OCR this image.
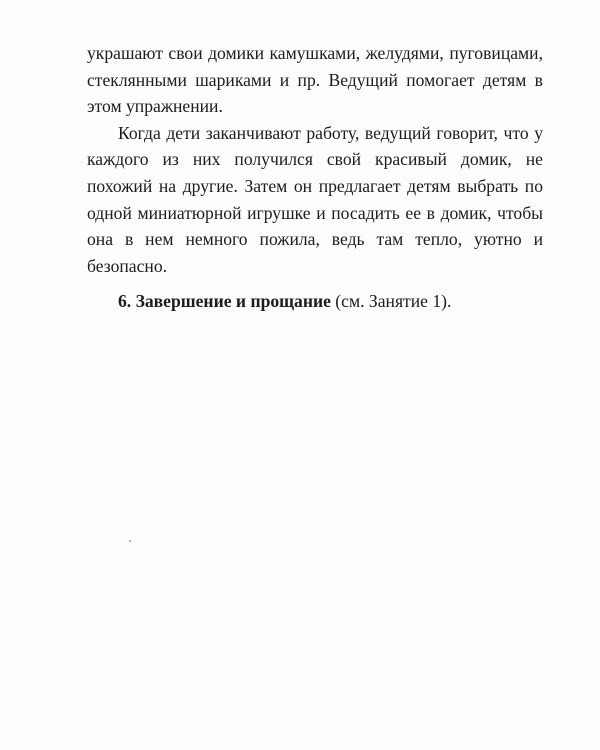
украшают свои домики камушками, желудями, пуговицами, стеклянными шариками и пр. Ведущий помогает детям в этом упражнении.

Когда дети заканчивают работу, ведущий говорит, что у каждого из них получился свой красивый домик, не похожий на другие. Затем он предлагает детям выбрать по одной миниатюрной игрушке и посадить ее в домик, чтобы она в нем немного пожила, ведь там тепло, уютно и безопасно.

6. Завершение и прощание (см. Занятие 1).
